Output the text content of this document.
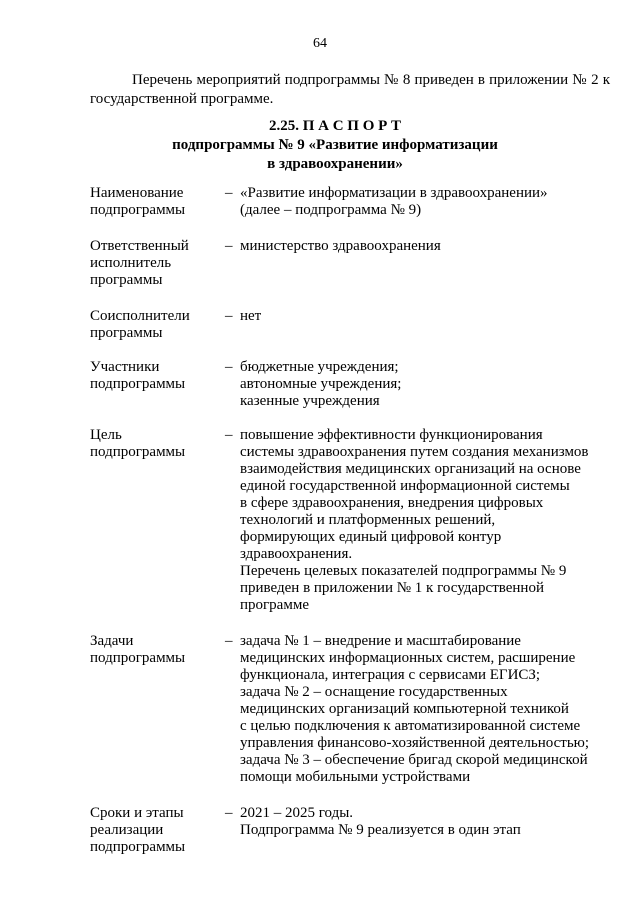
64
Перечень мероприятий подпрограммы № 8 приведен в приложении № 2 к государственной программе.
2.25. П А С П О Р Т
подпрограммы № 9 «Развитие информатизации
в здравоохранении»
Наименование
подпрограммы
– «Развитие информатизации в здравоохранении»
(далее – подпрограмма № 9)
Ответственный
исполнитель
программы
– министерство здравоохранения
Соисполнители
программы
– нет
Участники
подпрограммы
– бюджетные учреждения;
автономные учреждения;
казенные учреждения
Цель
подпрограммы
– повышение эффективности функционирования
системы здравоохранения путем создания механизмов
взаимодействия медицинских организаций на основе
единой государственной информационной системы
в сфере здравоохранения, внедрения цифровых
технологий и платформенных решений,
формирующих единый цифровой контур
здравоохранения.
Перечень целевых показателей подпрограммы № 9
приведен в приложении № 1 к государственной
программе
Задачи
подпрограммы
– задача № 1 – внедрение и масштабирование
медицинских информационных систем, расширение
функционала, интеграция с сервисами ЕГИСЗ;
задача № 2 – оснащение государственных
медицинских организаций компьютерной техникой
с целью подключения к автоматизированной системе
управления финансово-хозяйственной деятельностью;
задача № 3 – обеспечение бригад скорой медицинской
помощи мобильными устройствами
Сроки и этапы
реализации
подпрограммы
– 2021 – 2025 годы.
Подпрограмма № 9 реализуется в один этап
